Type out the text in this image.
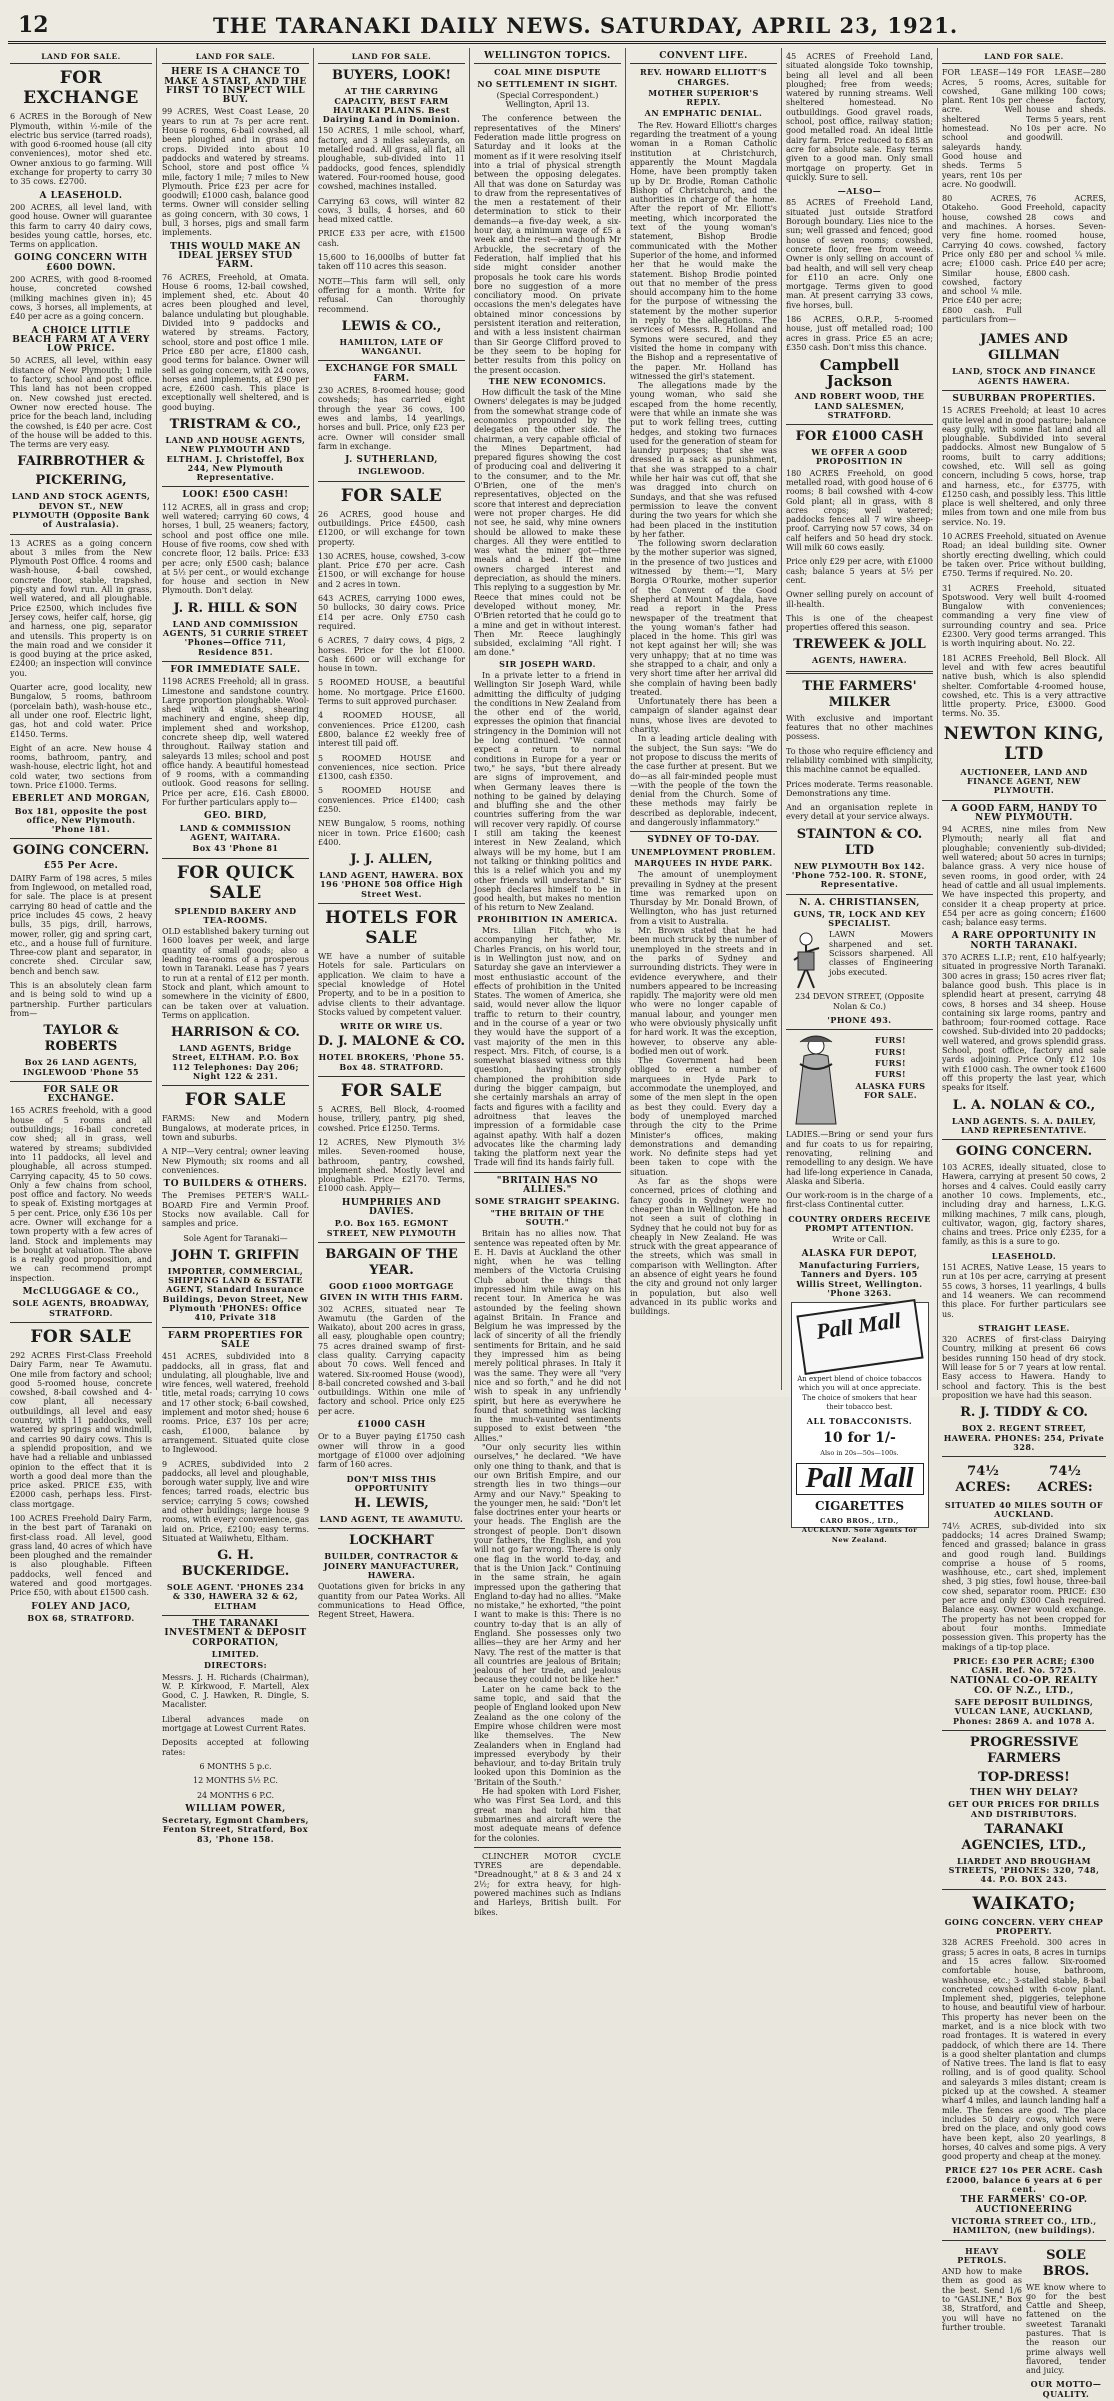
12	THE TARANAKI DAILY NEWS. SATURDAY, APRIL 23, 1921.
LAND FOR SALE.
FOR EXCHANGE
6 ACRES in the Borough of New Plymouth, within ½-mile of the electric bus service (tarred roads), with good 6-roomed house (all city conveniences), motor shed etc. Owner anxious to go farming. Will exchange for property to carry 30 to 35 cows. £2700.
A LEASEHOLD.
200 ACRES, all level land, with good house. Owner will guarantee this farm to carry 40 dairy cows, besides young cattle, horses, etc. Terms on application.
GOING CONCERN WITH £600 DOWN.
200 ACRES, with good 8-roomed house, concreted cowshed (milking machines given in); 45 cows, 3 horses, all implements, at £40 per acre as a going concern.
A CHOICE LITTLE BEACH FARM AT A VERY LOW PRICE.
50 ACRES, all level, within easy distance of New Plymouth; 1 mile to factory, school and post office. This land has not been cropped on. New cowshed just erected. Owner now erected house. The price for the beach land, including the cowshed, is £40 per acre. Cost of the house will be added to this. The terms are very easy.
FAIRBROTHER &
PICKERING,
LAND AND STOCK AGENTS, DEVON ST., NEW PLYMOUTH (Opposite Bank of Australasia).
13 ACRES as a going concern about 3 miles from the New Plymouth Post Office. 4 rooms and wash-house, 4-bail cowshed, concrete floor, stable, trapshed, pig-sty and fowl run. All in grass, well watered, and all ploughable. Price £2500, which includes five Jersey cows, heifer calf, horse, gig and harness, one pig, separator and utensils. This property is on the main road and we consider it is good buying at the price asked, £2400; an inspection will convince you.
Quarter acre, good locality, new Bungalow, 5 rooms, bathroom (porcelain bath), wash-house etc., all under one roof. Electric light, gas, hot and cold water. Price £1450. Terms.
Eight of an acre. New house 4 rooms, bathroom, pantry, and wash-house, electric light, hot and cold water, two sections from town. Price £1000. Terms.
EBERLET AND MORGAN,
Box 181, opposite the post office, New Plymouth. 'Phone 181.
GOING CONCERN.
£55 Per Acre.
DAIRY Farm of 198 acres, 5 miles from Inglewood, on metalled road, for sale. The place is at present carrying 80 head of cattle and the price includes 45 cows, 2 heavy bulls, 35 pigs, drill, harrows, mower, roller, gig and spring cart, etc., and a house full of furniture. Three-cow plant and separator, in concrete shed. Circular saw, bench and bench saw.
This is an absolutely clean farm and is being sold to wind up a partnership. Further particulars from—
TAYLOR & ROBERTS
Box 26 LAND AGENTS, INGLEWOOD 'Phone 55
FOR SALE OR EXCHANGE.
165 ACRES freehold, with a good house of 5 rooms and all outbuildings; 16-bail concreted cow shed; all in grass, well watered by streams; subdivided into 11 paddocks, all level and ploughable, all across stumped. Carrying capacity, 45 to 50 cows. Only a few chains from school, post office and factory. No weeds to speak of. Existing mortgages at 5 per cent. Price, only £36 10s per acre. Owner will exchange for a town property with a few acres of land. Stock and implements may be bought at valuation. The above is a really good proposition, and we can recommend prompt inspection.
McCLUGGAGE & CO.,
SOLE AGENTS, BROADWAY, STRATFORD.
FOR SALE
292 ACRES First-Class Freehold Dairy Farm, near Te Awamutu. One mile from factory and school; good 5-roomed house, concrete cowshed, 8-bail cowshed and 4-cow plant, all necessary outbuildings, all level and easy country, with 11 paddocks, well watered by springs and windmill, and carries 90 dairy cows. This is a splendid proposition, and we have had a reliable and unbiassed opinion to the effect that it is worth a good deal more than the price asked. PRICE £35, with £2000 cash, perhaps less. First-class mortgage.
100 ACRES Freehold Dairy Farm, in the best part of Taranaki on first-class road. All level, good grass land, 40 acres of which have been ploughed and the remainder is also ploughable. Fifteen paddocks, well fenced and watered and good mortgages. Price £50, with about £1500 cash.
FOLEY AND JACO,
BOX 68, STRATFORD.
LAND FOR SALE.
HERE IS A CHANCE TO MAKE A START, AND THE FIRST TO INSPECT WILL BUY.
99 ACRES, West Coast Lease, 20 years to run at 7s per acre rent. House 6 rooms, 6-bail cowshed, all been ploughed and in grass and crops. Divided into about 10 paddocks and watered by streams. School, store and post office ¼ mile, factory 1 mile; 7 miles to New Plymouth. Price £23 per acre for goodwill; £1000 cash, balance good terms. Owner will consider selling as going concern, with 30 cows, 1 bull, 3 horses, pigs and small farm implements.
THIS WOULD MAKE AN IDEAL JERSEY STUD FARM.
76 ACRES, Freehold, at Omata. House 6 rooms, 12-bail cowshed, implement shed, etc. About 40 acres been ploughed and level, balance undulating but ploughable. Divided into 9 paddocks and watered by streams. Factory, school, store and post office 1 mile. Price £80 per acre, £1800 cash, good terms for balance. Owner will sell as going concern, with 24 cows, horses and implements, at £90 per acre, £2600 cash. This place is exceptionally well sheltered, and is good buying.
TRISTRAM & CO.,
LAND AND HOUSE AGENTS, NEW PLYMOUTH AND ELTHAM. J. Christoffel, Box 244, New Plymouth Representative.
LOOK! £500 CASH!
112 ACRES, all in grass and crop; well watered; carrying 60 cows, 4 horses, 1 bull, 25 weaners; factory, school and post office one mile. House of five rooms, cow shed with concrete floor, 12 bails. Price: £33 per acre; only £500 cash; balance at 5½ per cent., or would exchange for house and section in New Plymouth. Don't delay.
J. R. HILL & SON
LAND AND COMMISSION AGENTS, 51 CURRIE STREET 'Phones—Office 711, Residence 851.
FOR IMMEDIATE SALE.
1198 ACRES Freehold; all in grass. Limestone and sandstone country. Large proportion ploughable. Wool-shed with 4 stands, shearing machinery and engine, sheep dip, implement shed and workshop, concrete sheep dip, well watered throughout. Railway station and saleyards 13 miles; school and post office handy. A beautiful homestead of 9 rooms, with a commanding outlook. Good reasons for selling. Price per acre, £16. Cash £8000. For further particulars apply to—
GEO. BIRD,
LAND & COMMISSION AGENT, WAITARA.
Box 43 'Phone 81
FOR QUICK SALE
SPLENDID BAKERY AND TEA-ROOMS.
OLD established bakery turning out 1600 loaves per week, and large quantity of small goods; also a leading tea-rooms of a prosperous town in Taranaki. Lease has 7 years to run at a rental of £12 per month. Stock and plant, which amount to somewhere in the vicinity of £800, can be taken over at valuation. Terms on application.
HARRISON & CO.
LAND AGENTS, Bridge Street, ELTHAM. P.O. Box 112 Telephones: Day 206; Night 122 & 231.
FOR SALE
FARMS: New and Modern Bungalows, at moderate prices, in town and suburbs.
A NIP—Very central; owner leaving New Plymouth; six rooms and all conveniences.
TO BUILDERS & OTHERS.
The Premises PETER'S WALL-BOARD Fire and Vermin Proof. Stocks now available. Call for samples and price.
Sole Agent for Taranaki—
JOHN T. GRIFFIN
IMPORTER, COMMERCIAL, SHIPPING LAND & ESTATE AGENT, Standard Insurance Buildings, Devon Street, New Plymouth 'PHONES: Office 410, Private 318
FARM PROPERTIES FOR SALE
451 ACRES, subdivided into 8 paddocks, all in grass, flat and undulating, all ploughable, live and wire fences, well watered, freehold title, metal roads; carrying 10 cows and 17 other stock; 6-bail cowshed, implement and motor shed; house 6 rooms. Price, £37 10s per acre; cash, £1000, balance by arrangement. Situated quite close to Inglewood.
9 ACRES, subdivided into 2 paddocks, all level and ploughable, borough water supply, live and wire fences; tarred roads, electric bus service; carrying 5 cows; cowshed and other buildings; large house 9 rooms, with every convenience, gas laid on. Price, £2100; easy terms. Situated at Waiiwhetu, Eltham.
G. H. BUCKERIDGE.
SOLE AGENT. 'PHONES 234 & 330, HAWERA 32 & 62, ELTHAM
THE TARANAKI INVESTMENT & DEPOSIT CORPORATION,
LIMITED.
DIRECTORS:
Messrs. J. H. Richards (Chairman), W. P. Kirkwood, F. Martell, Alex Good, C. J. Hawken, R. Dingle, S. Macalister.
Liberal advances made on mortgage at Lowest Current Rates.
Deposits accepted at following rates:
6 MONTHS 5 p.c.
12 MONTHS 5½ P.C.
24 MONTHS 6 P.C.
WILLIAM POWER,
Secretary, Egmont Chambers, Fenton Street, Stratford, Box 83, 'Phone 158.
LAND FOR SALE.
BUYERS, LOOK!
AT THE CARRYING CAPACITY, BEST FARM HAURAKI PLAINS. Best Dairying Land in Dominion.
150 ACRES, 1 mile school, wharf, factory, and 3 miles saleyards, on metalled road. All grass, all flat, all ploughable, sub-divided into 11 paddocks, good fences, splendidly watered. Four-roomed house, good cowshed, machines installed.
Carrying 63 cows, will winter 82 cows, 3 bulls, 4 horses, and 60 head mixed cattle.
PRICE £33 per acre, with £1500 cash.
15,600 to 16,000lbs of butter fat taken off 110 acres this season.
NOTE—This farm will sell, only offering for a month. Write for refusal. Can thoroughly recommend.
LEWIS & CO.,
HAMILTON, LATE OF WANGANUI.
EXCHANGE FOR SMALL FARM.
230 ACRES, 8-roomed house; good cowsheds; has carried eight through the year 36 cows, 100 ewes and lambs, 14 yearlings, horses and bull. Price, only £23 per acre. Owner will consider small farm in exchange.
J. SUTHERLAND,
INGLEWOOD.
FOR SALE
26 ACRES, good house and outbuildings. Price £4500, cash £1200, or will exchange for town property.
130 ACRES, house, cowshed, 3-cow plant. Price £70 per acre. Cash £1500, or will exchange for house and 2 acres in town.
643 ACRES, carrying 1000 ewes, 50 bullocks, 30 dairy cows. Price £14 per acre. Only £750 cash required.
6 ACRES, 7 dairy cows, 4 pigs, 2 horses. Price for the lot £1000. Cash £600 or will exchange for house in town.
5 ROOMED HOUSE, a beautiful home. No mortgage. Price £1600. Terms to suit approved purchaser.
4 ROOMED HOUSE, all conveniences. Price £1200, cash £800, balance £2 weekly free of interest till paid off.
5 ROOMED HOUSE and conveniences, nice section. Price £1300, cash £350.
5 ROOMED HOUSE and conveniences. Price £1400; cash £250.
NEW Bungalow, 5 rooms, nothing nicer in town. Price £1600; cash £400.
J. J. ALLEN,
LAND AGENT, HAWERA. BOX 196 'PHONE 508 Office High Street West.
HOTELS FOR SALE
WE have a number of suitable Hotels for sale. Particulars on application. We claim to have a special knowledge of Hotel Property, and to be in a position to advise clients to their advantage. Stocks valued by competent valuer.
WRITE OR WIRE US.
D. J. MALONE & CO.
HOTEL BROKERS, 'Phone 55. Box 48. STRATFORD.
FOR SALE
5 ACRES, Bell Block, 4-roomed house, trillery, pantry, pig shed, cowshed. Price £1250. Terms.
12 ACRES, New Plymouth 3½ miles. Seven-roomed house, bathroom, pantry, cowshed, implement shed. Mostly level and ploughable. Price £2170. Terms, £1000 cash. Apply—
HUMPHRIES AND DAVIES.
P.O. Box 165. EGMONT STREET, NEW PLYMOUTH
BARGAIN OF THE YEAR.
GOOD £1000 MORTGAGE
GIVEN IN WITH THIS FARM.
302 ACRES, situated near Te Awamutu (the Garden of the Waikato), about 200 acres in grass, all easy, ploughable open country; 75 acres drained swamp of first-class quality. Carrying capacity about 70 cows. Well fenced and watered. Six-roomed House (wood), 8-bail concreted cowshed and 3-bail outbuildings. Within one mile of factory and school. Price only £25 per acre.
£1000 CASH
Or to a Buyer paying £1750 cash owner will throw in a good mortgage of £1000 over adjoining farm of 160 acres.
DON'T MISS THIS OPPORTUNITY
H. LEWIS,
LAND AGENT, TE AWAMUTU.
LOCKHART
BUILDER, CONTRACTOR & JOINERY MANUFACTURER, HAWERA.
Quotations given for bricks in any quantity from our Patea Works. All communications to Head Office, Regent Street, Hawera.
WELLINGTON TOPICS.
COAL MINE DISPUTE
NO SETTLEMENT IN SIGHT.
(Special Correspondent.) Wellington, April 13.

The conference between the representatives of the Miners' Federation made little progress on Saturday and it looks at the moment as if it were resolving itself into a trial of physical strength between the opposing delegates. All that was done on Saturday was to draw from the representatives of the men a restatement of their determination to stick to their demands—a five-day week, a six-hour day, a minimum wage of £5 a week and the rest—and though Mr Arbuckle, the secretary of the Federation, half implied that his side might consider another proposals he took care his words bore no suggestion of a more conciliatory mood. On private occasions the men's delegates have obtained minor concessions by persistent iteration and reiteration, and with a less insistent chairman than Sir George Clifford proved to be they seem to be hoping for better results from this policy on the present occasion.

THE NEW ECONOMICS.

How difficult the task of the Mine Owners' delegates is may be judged from the somewhat strange code of economics propounded by the delegates on the other side. The chairman, a very capable official of the Mines Department, had prepared figures showing the cost of producing coal and delivering it to the consumer, and to the Mr. O'Brien, one of the men's representatives, objected on the score that interest and depreciation were not proper charges. He did not see, he said, why mine owners should be allowed to make these charges. All they were entitled to was what the miner got—three meals and a bed. If the mine owners charged interest and depreciation, as should the miners. This replying to a suggestion by Mr. Reece that mines could not be developed without money, Mr. O'Brien retorted that he could go to a mine and get in without interest. Then Mr. Reece laughingly subsided, exclaiming "All right. I am done."

SIR JOSEPH WARD.

In a private letter to a friend in Wellington Sir Joseph Ward, while admitting the difficulty of judging the conditions in New Zealand from the other end of the world, expresses the opinion that financial stringency in the Dominion will not be long continued. "We cannot expect a return to normal conditions in Europe for a year or two," he says, "but there already are signs of improvement, and when Germany leaves there is nothing to be gained by delaying and bluffing she and the other countries suffering from the war will recover very rapidly. Of course I still am taking the keenest interest in New Zealand, which always will be my home, but I am not talking or thinking politics and this is a relief which you and my other friends will understand." Sir Joseph declares himself to be in good health, but makes no mention of his return to New Zealand.

PROHIBITION IN AMERICA.

Mrs. Lilian Fitch, who is accompanying her father, Mr. Charles Francis, on his world tour, is in Wellington just now, and on Saturday she gave an interviewer a most enthusiastic account of the effects of prohibition in the United States. The women of America, she said, would never allow the liquor traffic to return to their country, and in the course of a year or two they would have the support of a vast majority of the men in this respect. Mrs. Fitch, of course, is a somewhat biassed witness on this question, having strongly championed the prohibition side during the bigger campaign, but she certainly marshals an array of facts and figures with a facility and adroitness that leaves the impression of a formidable case against apathy. With half a dozen advocates like the charming lady taking the platform next year the Trade will find its hands fairly full.

"BRITAIN HAS NO ALLIES."
SOME STRAIGHT SPEAKING.
"THE BRITAIN OF THE SOUTH."

Britain has no allies now. That sentence was repeated often by Mr. E. H. Davis at Auckland the other night, when he was telling members of the Victoria Cruising Club about the things that impressed him while away on his recent tour. In America he was astounded by the feeling shown against Britain. In France and Belgium he was impressed by the lack of sincerity of all the friendly sentiments for Britain, and he said they impressed him as being merely political phrases. In Italy it was the same. They were all "very nice and so forth," and he did not wish to speak in any unfriendly spirit, but here as everywhere he found that something was lacking in the much-vaunted sentiments supposed to exist between "the Allies."

"Our only security lies within ourselves," he declared. "We have only one thing to thank, and that is our own British Empire, and our strength lies in two things—our Army and our Navy." Speaking to the younger men, he said: "Don't let false doctrines enter your hearts or your heads. The English are the strongest of people. Don't disown your fathers, the English, and you will not go far wrong. There is only one flag in the world to-day, and that is the Union Jack." Continuing in the same strain, he again impressed upon the gathering that England to-day had no allies. "Make no mistake," he exhorted, "the point I want to make is this: There is no country to-day that is an ally of England. She possesses only two allies—they are her Army and her Navy. The rest of the matter is that all countries are jealous of Britain; jealous of her trade, and jealous because they could not be like her."

Later on he came back to the same topic, and said that the people of England looked upon New Zealand as the one colony of the Empire whose children were most like themselves. The New Zealanders when in England had impressed everybody by their behaviour, and to-day Britain truly looked upon this Dominion as the 'Britain of the South.'

He had spoken with Lord Fisher, who was First Sea Lord, and this great man had told him that submarines and aircraft were the most adequate means of defence for the colonies.

CLINCHER MOTOR CYCLE TYRES are dependable. "Dreadnought," at 8 & 3 and 24 x 2½; for extra heavy, for high-powered machines such as Indians and Harleys, British built. For bikes.

CONVENT LIFE.
REV. HOWARD ELLIOTT'S CHARGES.
MOTHER SUPERIOR'S REPLY.
AN EMPHATIC DENIAL.

The Rev. Howard Elliott's charges regarding the treatment of a young woman in a Roman Catholic institution at Christchurch, apparently the Mount Magdala Home, have been promptly taken up by Dr. Brodie, Roman Catholic Bishop of Christchurch, and the authorities in charge of the home. After the report of Mr. Elliott's meeting, which incorporated the text of the young woman's statement, Bishop Brodie communicated with the Mother Superior of the home, and informed her that he would make the statement. Bishop Brodie pointed out that no member of the press should accompany him to the home for the purpose of witnessing the statement by the mother superior in reply to the allegations. The services of Messrs. R. Holland and Symons were secured, and they visited the home in company with the Bishop and a representative of the paper. Mr. Holland has witnessed the girl's statement.

The allegations made by the young woman, who said she escaped from the home recently, were that while an inmate she was put to work felling trees, cutting hedges, and stoking two furnaces used for the generation of steam for laundry purposes; that she was dressed in a sack as punishment, that she was strapped to a chair while her hair was cut off, that she was dragged into church on Sundays, and that she was refused permission to leave the convent during the two years for which she had been placed in the institution by her father.

The following sworn declaration by the mother superior was signed, in the presence of two justices and witnessed by them:—"I, Mary Borgia O'Rourke, mother superior of the Convent of the Good Shepherd at Mount Magdala, have read a report in the Press newspaper of the treatment that the young woman's father had placed in the home. This girl was not kept against her will; she was very unhappy; that at no time was she strapped to a chair, and only a very short time after her arrival did she complain of having been badly treated.

Unfortunately there has been a campaign of slander against dear nuns, whose lives are devoted to charity.

In a leading article dealing with the subject, the Sun says: "We do not propose to discuss the merits of the case further at present. But we do—as all fair-minded people must—with the people of the town the denial from the Church. Some of these methods may fairly be described as deplorable, indecent, and dangerously inflammatory."

SYDNEY OF TO-DAY.
UNEMPLOYMENT PROBLEM.
MARQUEES IN HYDE PARK.

The amount of unemployment prevailing in Sydney at the present time was remarked upon on Thursday by Mr. Donald Brown, of Wellington, who has just returned from a visit to Australia.

Mr. Brown stated that he had been much struck by the number of unemployed in the streets and in the parks of Sydney and surrounding districts. They were in evidence everywhere, and their numbers appeared to be increasing rapidly. The majority were old men who were no longer capable of manual labour, and younger men who were obviously physically unfit for hard work. It was the exception, however, to observe any able-bodied men out of work.

The Government had been obliged to erect a number of marquees in Hyde Park to accommodate the unemployed, and some of the men slept in the open as best they could. Every day a body of unemployed marched through the city to the Prime Minister's offices, making demonstrations and demanding work. No definite steps had yet been taken to cope with the situation.

As far as the shops were concerned, prices of clothing and fancy goods in Sydney were no cheaper than in Wellington. He had not seen a suit of clothing in Sydney that he could not buy for as cheaply in New Zealand. He was struck with the great appearance of the streets, which was small in comparison with Wellington. After an absence of eight years he found the city and ground not only larger in population, but also well advanced in its public works and buildings.

45 ACRES of Freehold Land, situated alongside Toko township, being all level and all been ploughed; free from weeds; watered by running streams. Well sheltered homestead. No outbuildings. Good gravel roads, school, post office, railway station; good metalled road. An ideal little dairy farm. Price reduced to £85 an acre for absolute sale. Easy terms given to a good man. Only small mortgage on property. Get in quickly. Sure to sell.
—ALSO—
85 ACRES of Freehold Land, situated just outside Stratford Borough boundary. Lies nice to the sun; well grassed and fenced; good house of seven rooms; cowshed, concrete floor, free from weeds. Owner is only selling on account of bad health, and will sell very cheap for £110 an acre. Only one mortgage. Terms given to good man. At present carrying 33 cows, five horses, bull.
186 ACRES, O.R.P., 5-roomed house, just off metalled road; 100 acres in grass. Price £5 an acre; £350 cash. Don't miss this chance.
Campbell Jackson
AND ROBERT WOOD, THE LAND SALESMEN, STRATFORD.
FOR £1000 CASH
WE OFFER A GOOD PROPOSITION IN
180 ACRES Freehold, on good metalled road, with good house of 6 rooms; 8 bail cowshed with 4-cow Gold plant; all in grass, with 8 acres crops; well watered; paddocks fences all 7 wire sheep-proof. Carrying now 57 cows, 34 on calf heifers and 50 head dry stock. Will milk 60 cows easily.
Price only £29 per acre, with £1000 cash; balance 5 years at 5½ per cent.
Owner selling purely on account of ill-health.
This is one of the cheapest properties offered this season.
TREWEEK & JOLL
AGENTS, HAWERA.
THE FARMERS' MILKER
With exclusive and important features that no other machines possess.
To those who require efficiency and reliability combined with simplicity, this machine cannot be equalled.
Prices moderate. Terms reasonable. Demonstrations any time.
And an organisation replete in every detail at your service always.
STAINTON & CO. LTD
NEW PLYMOUTH Box 142. 'Phone 752-100. R. STONE, Representative.
N. A. CHRISTIANSEN,
GUNS, TR, LOCK AND KEY SPECIALIST.
LAWN Mowers sharpened and set. Scissors sharpened. All classes of Engineering jobs executed.
234 DEVON STREET, (Opposite Nolan & Co.)
'PHONE 493.
FURS!
FURS!
FURS!
FURS!
ALASKA FURS FOR SALE.
LADIES.—Bring or send your furs and fur coats to us for repairing, renovating, relining and remodelling to any design. We have had life-long experience in Canada, Alaska and Siberia.
Our work-room is in the charge of a first-class Continental cutter.
COUNTRY ORDERS RECEIVE PROMPT ATTENTION.
Write or Call.
ALASKA FUR DEPOT,
Manufacturing Furriers, Tanners and Dyers. 105 Willis Street, Wellington. 'Phone 3263.
Pall Mall
An expert blend of choice tobaccos which you will at once appreciate. The choice of smokers that hear their tobacco best.
ALL TOBACCONISTS.
10 for 1/-
Also in 20s—50s—100s.
Pall Mall
CIGARETTES
CARO BROS., LTD., AUCKLAND. Sole Agents for New Zealand.
LAND FOR SALE.
FOR LEASE—149 Acres, 5 rooms, cowshed, Gane plant. Rent 10s per acre. Well sheltered homestead. No school and saleyards handy. Good house and sheds. Terms 5 years, rent 10s per acre. No goodwill.
FOR LEASE—280 Acres, suitable for milking 100 cows; cheese factory, house and sheds. Terms 5 years, rent 10s per acre. No goodwill.
80 ACRES, Otakeho. Good house, cowshed and machines. A very fine home. Carrying 40 cows. Price only £80 per acre; £1000 cash. Similar house, cowshed, factory and school ¼ mile. Price £40 per acre; £800 cash. Full particulars from—
76 ACRES, Freehold, capacity 28 cows and horses. Seven-roomed house, cowshed, factory and school ¼ mile. Price £40 per acre; £800 cash.
JAMES AND GILLMAN
LAND, STOCK AND FINANCE AGENTS HAWERA.
SUBURBAN PROPERTIES.
15 ACRES Freehold; at least 10 acres quite level and in good pasture; balance easy gully, with some flat land and all ploughable. Subdivided into several paddocks. Almost new Bungalow of 5 rooms, built to carry additions; cowshed, etc. Will sell as going concern, including 5 cows, horse, trap and harness, etc., for £3775, with £1250 cash, and possibly less. This little place is well sheltered, and only three miles from town and one mile from bus service. No. 19.
10 ACRES Freehold, situated on Avenue Road; an ideal building site. Owner shortly erecting dwelling, which could be taken over. Price without building, £750. Terms if required. No. 20.
31 ACRES Freehold, situated Spotswood. Very well built 4-roomed Bungalow with conveniences; commanding a very fine view of surrounding country and sea. Price £2300. Very good terms arranged. This is worth inquiring about. No. 22.
181 ACRES Freehold, Bell Block. All level and with few acres beautiful native bush, which is also splendid shelter. Comfortable 4-roomed house, cowshed, etc. This is a very attractive little property. Price, £3000. Good terms. No. 35.
NEWTON KING, LTD
AUCTIONEER, LAND AND FINANCE AGENT, NEW PLYMOUTH.
A GOOD FARM, HANDY TO NEW PLYMOUTH.
94 ACRES, nine miles from New Plymouth; nearly all flat and ploughable; conveniently sub-divided; well watered; about 50 acres in turnips; balance grass. A very nice house of seven rooms, in good order, with 24 head of cattle and all usual implements. We have inspected this property, and consider it a cheap property at price. £54 per acre as going concern; £1600 cash; balance easy terms.
A RARE OPPORTUNITY IN NORTH TARANAKI.
370 ACRES L.I.P.; rent, £10 half-yearly; situated in progressive North Taranaki. 300 acres in grass; 150 acres river flat; balance good bush. This place is in splendid heart at present, carrying 48 cows, 8 horses and 34 sheep. House containing six large rooms, pantry and bathroom; four-roomed cottage. Race cowshed. Sub-divided into 20 paddocks; well watered, and grows splendid grass. School, post office, factory and sale yards adjoining. Price Only £12 10s with £1000 cash. The owner took £1600 off this property the last year, which speaks for itself.
L. A. NOLAN & CO.,
LAND AGENTS. S. A. DAILEY, LAND REPRESENTATIVE.
GOING CONCERN.
103 ACRES, ideally situated, close to Hawera, carrying at present 50 cows, 2 horses and 4 calves. Could easily carry another 10 cows. Implements, etc., including dray and harness, L.K.G. milking machines, 7 milk cans, plough, cultivator, wagon, gig, factory shares, chains and trees. Price only £235, for a family, as this is a sure to go.
LEASEHOLD.
151 ACRES, Native Lease, 15 years to run at 10s per acre, carrying at present 55 cows, 3 horses, 11 yearlings, 4 bulls and 14 weaners. We can recommend this place. For further particulars see us.
STRAIGHT LEASE.
320 ACRES of first-class Dairying Country, milking at present 66 cows besides running 150 head of dry stock. Will lease for 5 or 7 years at low rental. Easy access to Hawera. Handy to school and factory. This is the best proposition we have had this season.
R. J. TIDDY & CO.
BOX 2. REGENT STREET, HAWERA. PHONES: 254, Private 328.
74½ ACRES:
74½ ACRES:
SITUATED 40 MILES SOUTH OF AUCKLAND.
74½ ACRES, sub-divided into six paddocks; 14 acres Drained Swamp; fenced and grassed; balance in grass and good rough land. Buildings comprise a house of 5 rooms, washhouse, etc., cart shed, implement shed, 3 pig sties, fowl house, three-bail cow shed, separator room. PRICE: £30 per acre and only £300 Cash required. Balance easy. Owner would exchange. The property has not been cropped for about four months. Immediate possession given. This property has the makings of a tip-top place.
PRICE: £30 PER ACRE; £300 CASH. Ref. No. 5725.
NATIONAL CO-OP. REALTY CO. OF N.Z., LTD.,
SAFE DEPOSIT BUILDINGS, VULCAN LANE, AUCKLAND, Phones: 2869 A. and 1078 A.
PROGRESSIVE FARMERS
TOP-DRESS!
THEN WHY DELAY?
GET OUR PRICES FOR DRILLS AND DISTRIBUTORS.
TARANAKI AGENCIES, LTD.,
LIARDET AND BROUGHAM STREETS, 'PHONES: 320, 748, 44. P.O. BOX 243.
WAIKATO;
GOING CONCERN. VERY CHEAP PROPERTY.
328 ACRES Freehold. 300 acres in grass; 5 acres in oats, 8 acres in turnips and 15 acres fallow. Six-roomed comfortable house, bathroom, washhouse, etc.; 3-stalled stable, 8-bail concreted cowshed with 6-cow plant. Implement shed, piggeries, telephone to house, and beautiful view of harbour. This property has never been on the market, and is a nice block with two road frontages. It is watered in every paddock, of which there are 14. There is a good shelter plantation and clumps of Native trees. The land is flat to easy rolling, and is of good quality. School and saleyards 3 miles distant; cream is picked up at the cowshed. A steamer wharf 4 miles, and launch landing half a mile. The fences are good. The place includes 50 dairy cows, which were bred on the place, and only good cows have been kept, also 20 yearlings, 8 horses, 40 calves and some pigs. A very good property and cheap at the money.
PRICE £27 10s PER ACRE. Cash £2000, balance 6 years at 6 per cent.
THE FARMERS' CO-OP. AUCTIONEERING
VICTORIA STREET CO., LTD., HAMILTON, (new buildings).
HEAVY PETROLS.
AND how to make them as good as the best. Send 1/6 to "GASLINE," Box 38, Stratford, and you will have no further trouble.
SOLE BROS.
WE know where to go for the best Cattle and Sheep, fattened on the sweetest Taranaki pastures. That is the reason our prime always well flavored, tender and juicy.
OUR MOTTO—QUALITY.
